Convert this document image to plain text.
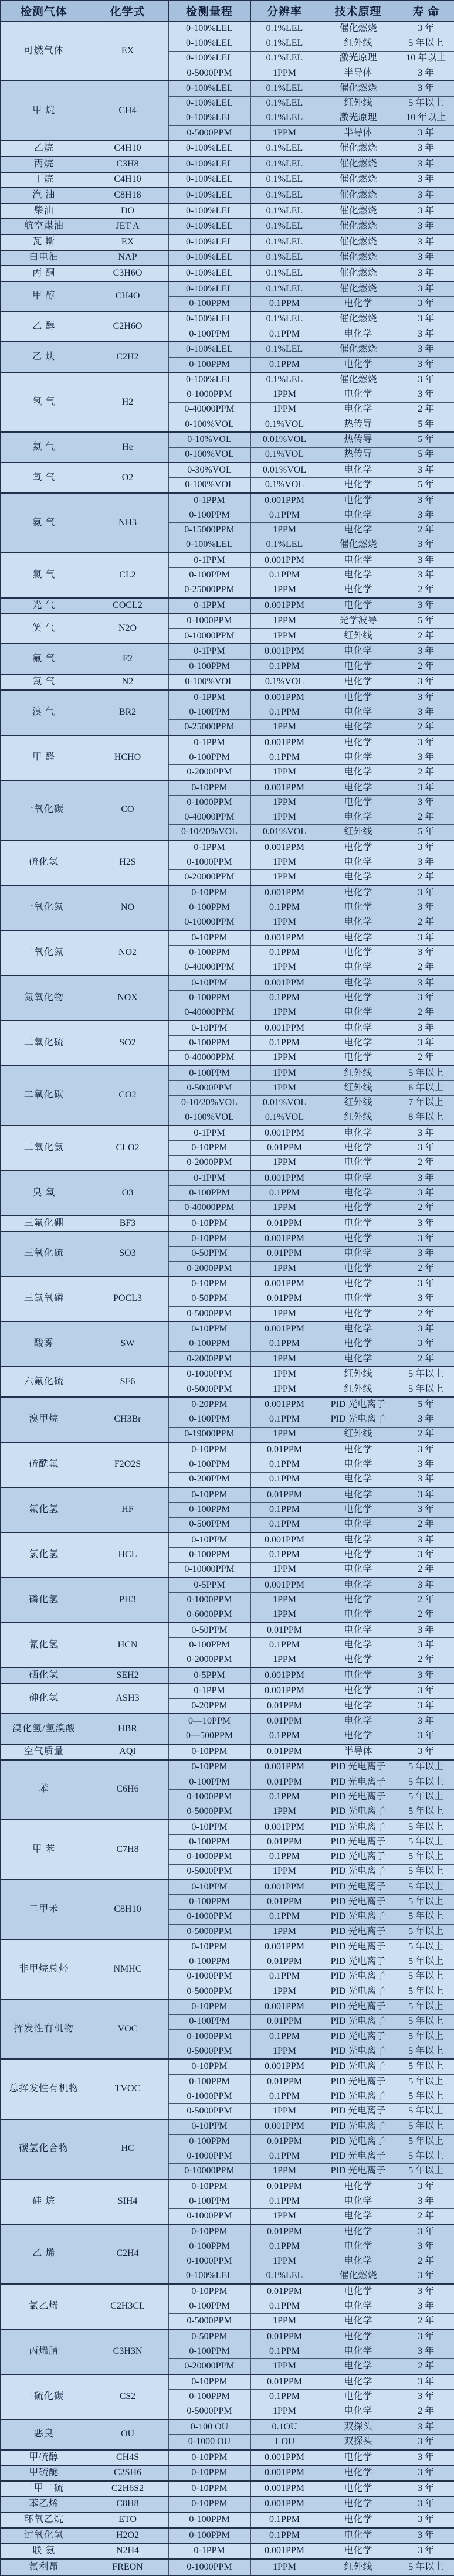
检测气体	化学式	检测量程	分辨率	技术原理	寿 命
可燃气体	EX	0-100%LEL	0.1%LEL	催化燃烧	3 年
		0-100%LEL	0.1%LEL	红外线	5 年以上
		0-100%LEL	0.1%LEL	激光原理	10 年以上
		0-5000PPM	1PPM	半导体	3 年
甲 烷	CH4	0-100%LEL	0.1%LEL	催化燃烧	3 年
		0-100%LEL	0.1%LEL	红外线	5 年以上
		0-100%LEL	0.1%LEL	激光原理	10 年以上
		0-5000PPM	1PPM	半导体	3 年
乙烷	C4H10	0-100%LEL	0.1%LEL	催化燃烧	3 年
丙烷	C3H8	0-100%LEL	0.1%LEL	催化燃烧	3 年
丁烷	C4H10	0-100%LEL	0.1%LEL	催化燃烧	3 年
汽 油	C8H18	0-100%LEL	0.1%LEL	催化燃烧	3 年
柴油	DO	0-100%LEL	0.1%LEL	催化燃烧	3 年
航空煤油	JET A	0-100%LEL	0.1%LEL	催化燃烧	3 年
瓦 斯	EX	0-100%LEL	0.1%LEL	催化燃烧	3 年
白电油	NAP	0-100%LEL	0.1%LEL	催化燃烧	3 年
丙 酮	C3H6O	0-100%LEL	0.1%LEL	催化燃烧	3 年
甲 醇	CH4O	0-100%LEL	0.1%LEL	催化燃烧	3 年
		0-100PPM	0.1PPM	电化学	3 年
乙 醇	C2H6O	0-100%LEL	0.1%LEL	催化燃烧	3 年
		0-100PPM	0.1PPM	电化学	3 年
乙 炔	C2H2	0-100%LEL	0.1%LEL	催化燃烧	3 年
		0-100PPM	0.1PPM	电化学	3 年
氢 气	H2	0-100%LEL	0.1%LEL	催化燃烧	3 年
		0-1000PPM	1PPM	电化学	3 年
		0-40000PPM	1PPM	电化学	2 年
		0-100%VOL	0.1%VOL	热传导	5 年
氦 气	He	0-10%VOL	0.01%VOL	热传导	5 年
		0-100%VOL	0.1%VOL	热传导	5 年
氧 气	O2	0-30%VOL	0.01%VOL	电化学	3 年
		0-100%VOL	0.1%VOL	电化学	5 年
氨 气	NH3	0-1PPM	0.001PPM	电化学	3 年
		0-100PPM	0.1PPM	电化学	3 年
		0-15000PPM	1PPM	电化学	2 年
		0-100%LEL	0.1%LEL	催化燃烧	3 年
氯 气	CL2	0-1PPM	0.001PPM	电化学	3 年
		0-100PPM	0.1PPM	电化学	3 年
		0-25000PPM	1PPM	电化学	2 年
光 气	COCL2	0-1PPM	0.001PPM	电化学	3 年
笑 气	N2O	0-1000PPM	1PPM	光学波导	5 年
		0-10000PPM	1PPM	红外线	2 年
氟 气	F2	0-1PPM	0.001PPM	电化学	3 年
		0-100PPM	0.1PPM	电化学	2 年
氮 气	N2	0-100%VOL	0.1%VOL	电化学	3 年
溴 气	BR2	0-1PPM	0.001PPM	电化学	3 年
		0-100PPM	0.1PPM	电化学	3 年
		0-25000PPM	1PPM	电化学	2 年
甲 醛	HCHO	0-1PPM	0.001PPM	电化学	3 年
		0-100PPM	0.1PPM	电化学	3 年
		0-2000PPM	1PPM	电化学	2 年
一氧化碳	CO	0-10PPM	0.001PPM	电化学	3 年
		0-1000PPM	1PPM	电化学	3 年
		0-40000PPM	1PPM	电化学	2 年
		0-10/20%VOL	0.01%VOL	红外线	5 年
硫化氢	H2S	0-1PPM	0.001PPM	电化学	3 年
		0-1000PPM	1PPM	电化学	3 年
		0-20000PPM	1PPM	电化学	2 年
一氧化氮	NO	0-10PPM	0.001PPM	电化学	3 年
		0-100PPM	0.1PPM	电化学	3 年
		0-10000PPM	1PPM	电化学	2 年
二氧化氮	NO2	0-10PPM	0.001PPM	电化学	3 年
		0-100PPM	0.1PPM	电化学	3 年
		0-40000PPM	1PPM	电化学	2 年
氮氧化物	NOX	0-10PPM	0.001PPM	电化学	3 年
		0-100PPM	0.1PPM	电化学	3 年
		0-40000PPM	1PPM	电化学	2 年
二氧化硫	SO2	0-10PPM	0.001PPM	电化学	3 年
		0-100PPM	0.1PPM	电化学	3 年
		0-40000PPM	1PPM	电化学	2 年
二氧化碳	CO2	0-100PPM	1PPM	红外线	5 年以上
		0-5000PPM	1PPM	红外线	6 年以上
		0-10/20%VOL	0.01%VOL	红外线	7 年以上
		0-100%VOL	0.1%VOL	红外线	8 年以上
二氧化氯	CLO2	0-1PPM	0.001PPM	电化学	3 年
		0-10PPM	0.01PPM	电化学	3 年
		0-2000PPM	1PPM	电化学	2 年
臭 氧	O3	0-1PPM	0.001PPM	电化学	3 年
		0-100PPM	0.1PPM	电化学	3 年
		0-40000PPM	1PPM	电化学	2 年
三氟化硼	BF3	0-10PPM	0.01PPM	电化学	3 年
三氧化硫	SO3	0-10PPM	0.001PPM	电化学	3 年
		0-50PPM	0.01PPM	电化学	3 年
		0-2000PPM	1PPM	电化学	2 年
三氯氧磷	POCL3	0-10PPM	0.001PPM	电化学	3 年
		0-50PPM	0.01PPM	电化学	3 年
		0-5000PPM	1PPM	电化学	2 年
酸雾	SW	0-10PPM	0.001PPM	电化学	3 年
		0-100PPM	0.1PPM	电化学	3 年
		0-2000PPM	1PPM	电化学	2 年
六氟化硫	SF6	0-1000PPM	1PPM	红外线	5 年以上
		0-5000PPM	1PPM	红外线	5 年以上
溴甲烷	CH3Br	0-20PPM	0.001PPM	PID 光电离子	5 年
		0-100PPM	0.1PPM	PID 光电离子	3 年
		0-19000PPM	1PPM	红外线	2 年
硫酰氟	F2O2S	0-10PPM	0.01PPM	电化学	3 年
		0-100PPM	0.1PPM	电化学	3 年
		0-200PPM	0.1PPM	电化学	3 年
氟化氢	HF	0-10PPM	0.01PPM	电化学	3 年
		0-100PPM	0.1PPM	电化学	3 年
		0-500PPM	0.1PPM	电化学	2 年
氯化氢	HCL	0-10PPM	0.001PPM	电化学	3 年
		0-100PPM	0.1PPM	电化学	3 年
		0-10000PPM	1PPM	电化学	2 年
磷化氢	PH3	0-5PPM	0.001PPM	电化学	3 年
		0-1000PPM	1PPM	电化学	2 年
		0-6000PPM	1PPM	电化学	2 年
氰化氢	HCN	0-50PPM	0.01PPM	电化学	3 年
		0-100PPM	0.1PPM	电化学	3 年
		0-2000PPM	1PPM	电化学	2 年
硒化氢	SEH2	0-5PPM	0.001PPM	电化学	3 年
砷化氢	ASH3	0-1PPM	0.001PPM	电化学	3 年
		0-20PPM	0.01PPM	电化学	3 年
溴化氢/氢溴酸	HBR	0—10PPM	0.01PPM	电化学	3 年
		0—500PPM	0.1PPM	电化学	3 年
空气质量	AQI	0-10PPM	0.01PPM	半导体	3 年
苯	C6H6	0-10PPM	0.001PPM	PID 光电离子	5 年以上
		0-100PPM	0.01PPM	PID 光电离子	5 年以上
		0-1000PPM	0.1PPM	PID 光电离子	5 年以上
		0-5000PPM	1PPM	PID 光电离子	5 年以上
甲 苯	C7H8	0-10PPM	0.001PPM	PID 光电离子	5 年以上
		0-100PPM	0.01PPM	PID 光电离子	5 年以上
		0-1000PPM	0.1PPM	PID 光电离子	5 年以上
		0-5000PPM	1PPM	PID 光电离子	5 年以上
二甲苯	C8H10	0-10PPM	0.001PPM	PID 光电离子	5 年以上
		0-100PPM	0.01PPM	PID 光电离子	5 年以上
		0-1000PPM	0.1PPM	PID 光电离子	5 年以上
		0-5000PPM	1PPM	PID 光电离子	5 年以上
非甲烷总烃	NMHC	0-10PPM	0.001PPM	PID 光电离子	5 年以上
		0-100PPM	0.01PPM	PID 光电离子	5 年以上
		0-1000PPM	0.1PPM	PID 光电离子	5 年以上
		0-5000PPM	1PPM	PID 光电离子	5 年以上
挥发性有机物	VOC	0-10PPM	0.001PPM	PID 光电离子	5 年以上
		0-100PPM	0.01PPM	PID 光电离子	5 年以上
		0-1000PPM	0.1PPM	PID 光电离子	5 年以上
		0-5000PPM	1PPM	PID 光电离子	5 年以上
总挥发性有机物	TVOC	0-10PPM	0.001PPM	PID 光电离子	5 年以上
		0-100PPM	0.01PPM	PID 光电离子	5 年以上
		0-1000PPM	0.1PPM	PID 光电离子	5 年以上
		0-5000PPM	1PPM	PID 光电离子	5 年以上
碳氢化合物	HC	0-10PPM	0.001PPM	PID 光电离子	5 年以上
		0-100PPM	0.01PPM	PID 光电离子	5 年以上
		0-1000PPM	0.1PPM	PID 光电离子	5 年以上
		0-10000PPM	1PPM	PID 光电离子	5 年以上
硅 烷	SIH4	0-10PPM	0.01PPM	电化学	3 年
		0-100PPM	0.1PPM	电化学	3 年
		0-1000PPM	1PPM	电化学	2 年
乙 烯	C2H4	0-10PPM	0.01PPM	电化学	3 年
		0-100PPM	0.1PPM	电化学	3 年
		0-1000PPM	1PPM	电化学	2 年
		0-100%LEL	0.1%LEL	催化燃烧	3 年
氯乙烯	C2H3CL	0-10PPM	0.01PPM	电化学	3 年
		0-100PPM	0.1PPM	电化学	3 年
		0-5000PPM	1PPM	电化学	2 年
丙烯腈	C3H3N	0-50PPM	0.01PPM	电化学	3 年
		0-100PPM	0.1PPM	电化学	3 年
		0-20000PPM	1PPM	电化学	2 年
二硫化碳	CS2	0-10PPM	0.01PPM	电化学	3 年
		0-100PPM	0.1PPM	电化学	3 年
		0-5000PPM	1PPM	电化学	2 年
恶臭	OU	0-100 OU	0.1OU	双探头	3 年
		0-1000 OU	1 OU	双探头	3 年
甲硫醇	CH4S	0-10PPM	0.001PPM	电化学	3 年
甲硫醚	C2SH6	0-10PPM	0.001PPM	电化学	3 年
二甲二硫	C2H6S2	0-10PPM	0.001PPM	电化学	3 年
苯乙烯	C8H8	0-10PPM	0.001PPM	电化学	3 年
环氧乙烷	ETO	0-100PPM	0.1PPM	电化学	3 年
过氧化氢	H2O2	0-100PPM	0.1PPM	电化学	3 年
联 氨	N2H4	0-1PPM	0.001PPM	电化学	3 年
氟利昂	FREON	0-1000PPM	1PPM	红外线	5 年以上
